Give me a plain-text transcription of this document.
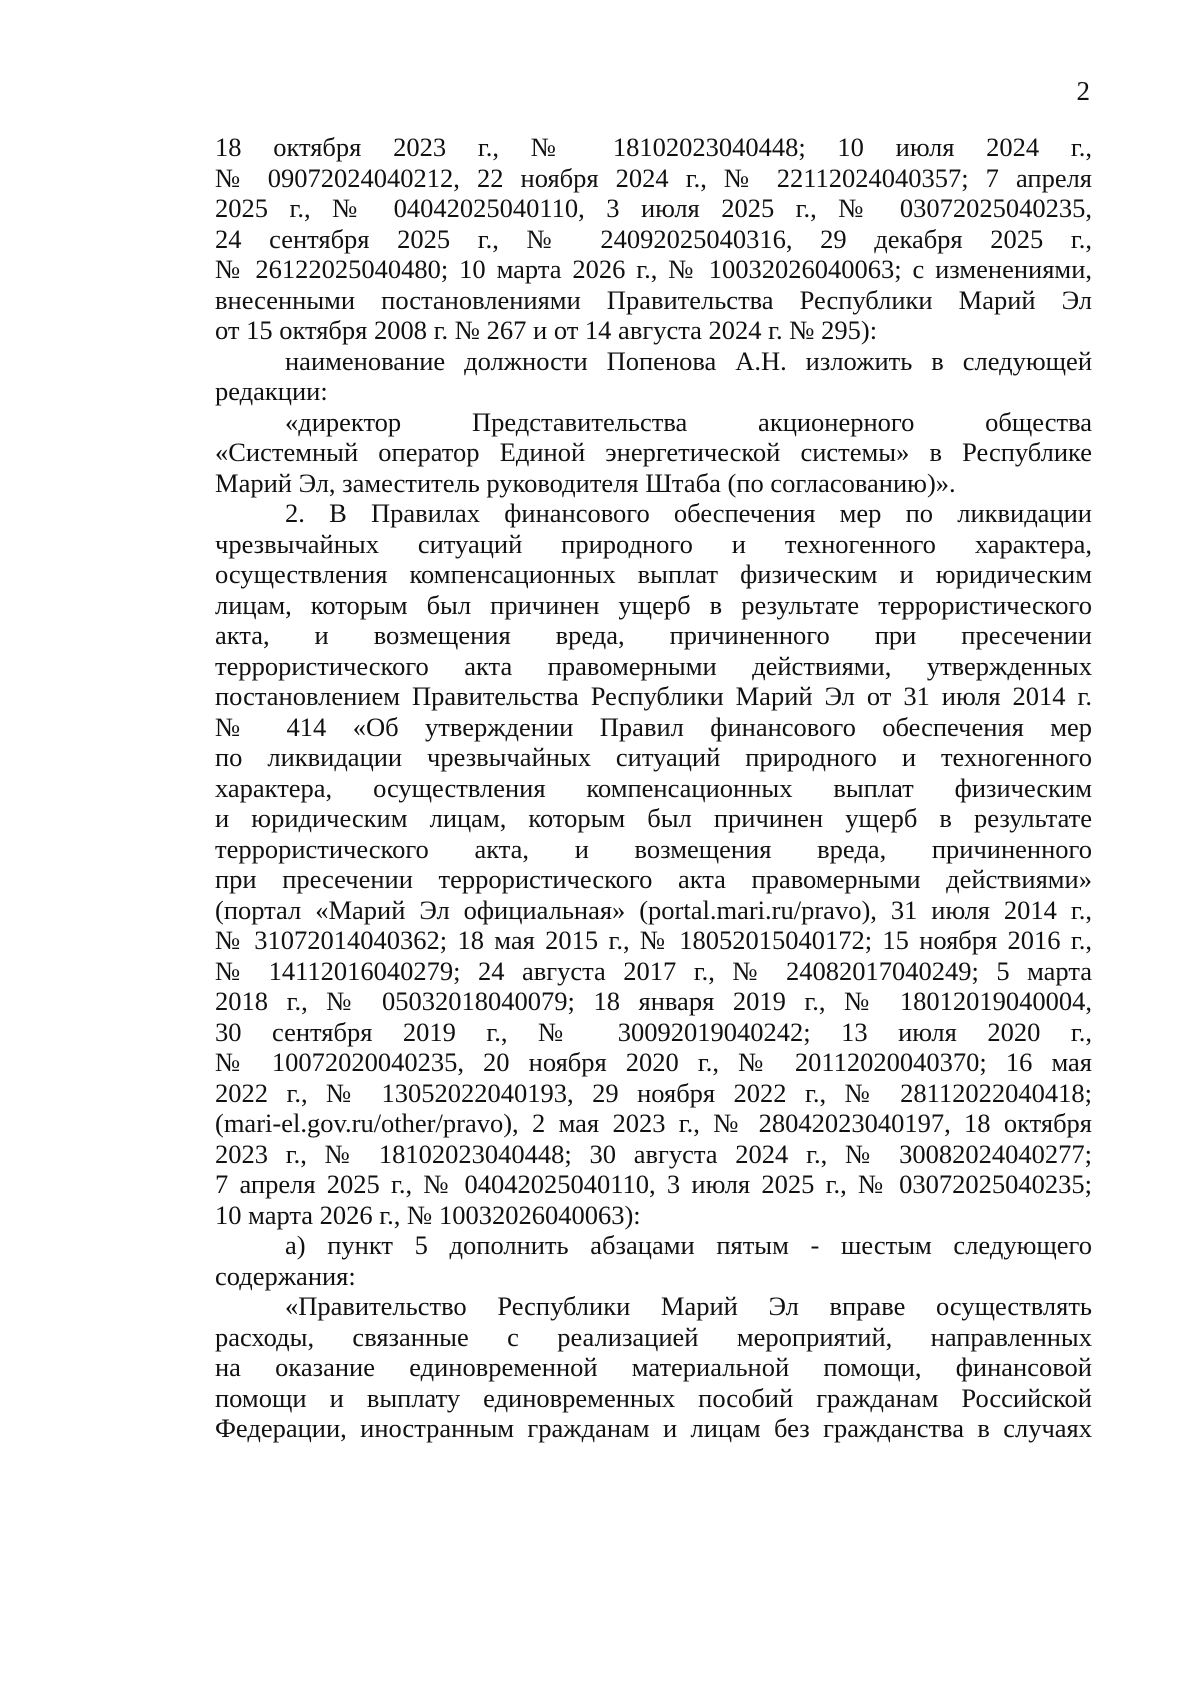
2
18 октября 2023 г., № 18102023040448; 10 июля 2024 г.,
№ 09072024040212, 22 ноября 2024 г., № 22112024040357; 7 апреля
2025 г., № 04042025040110, 3 июля 2025 г., № 03072025040235,
24 сентября 2025 г., № 24092025040316, 29 декабря 2025 г.,
№ 26122025040480; 10 марта 2026 г., № 10032026040063; с изменениями,
внесенными постановлениями Правительства Республики Марий Эл
от 15 октября 2008 г. № 267 и от 14 августа 2024 г. № 295):
наименование должности Попенова А.Н. изложить в следующей
редакции:
«директор Представительства акционерного общества
«Системный оператор Единой энергетической системы» в Республике
Марий Эл, заместитель руководителя Штаба (по согласованию)».
2. В Правилах финансового обеспечения мер по ликвидации
чрезвычайных ситуаций природного и техногенного характера,
осуществления компенсационных выплат физическим и юридическим
лицам, которым был причинен ущерб в результате террористического
акта, и возмещения вреда, причиненного при пресечении
террористического акта правомерными действиями, утвержденных
постановлением Правительства Республики Марий Эл от 31 июля 2014 г.
№ 414 «Об утверждении Правил финансового обеспечения мер
по ликвидации чрезвычайных ситуаций природного и техногенного
характера, осуществления компенсационных выплат физическим
и юридическим лицам, которым был причинен ущерб в результате
террористического акта, и возмещения вреда, причиненного
при пресечении террористического акта правомерными действиями»
(портал «Марий Эл официальная» (portal.mari.ru/pravo), 31 июля 2014 г.,
№ 31072014040362; 18 мая 2015 г., № 18052015040172; 15 ноября 2016 г.,
№ 14112016040279; 24 августа 2017 г., № 24082017040249; 5 марта
2018 г., № 05032018040079; 18 января 2019 г., № 18012019040004,
30 сентября 2019 г., № 30092019040242; 13 июля 2020 г.,
№ 10072020040235, 20 ноября 2020 г., № 20112020040370; 16 мая
2022 г., № 13052022040193, 29 ноября 2022 г., № 28112022040418;
(mari-el.gov.ru/other/pravo), 2 мая 2023 г., № 28042023040197, 18 октября
2023 г., № 18102023040448; 30 августа 2024 г., № 30082024040277;
7 апреля 2025 г., № 04042025040110, 3 июля 2025 г., № 03072025040235;
10 марта 2026 г., № 10032026040063):
а) пункт 5 дополнить абзацами пятым - шестым следующего
содержания:
«Правительство Республики Марий Эл вправе осуществлять
расходы, связанные с реализацией мероприятий, направленных
на оказание единовременной материальной помощи, финансовой
помощи и выплату единовременных пособий гражданам Российской
Федерации, иностранным гражданам и лицам без гражданства в случаях
